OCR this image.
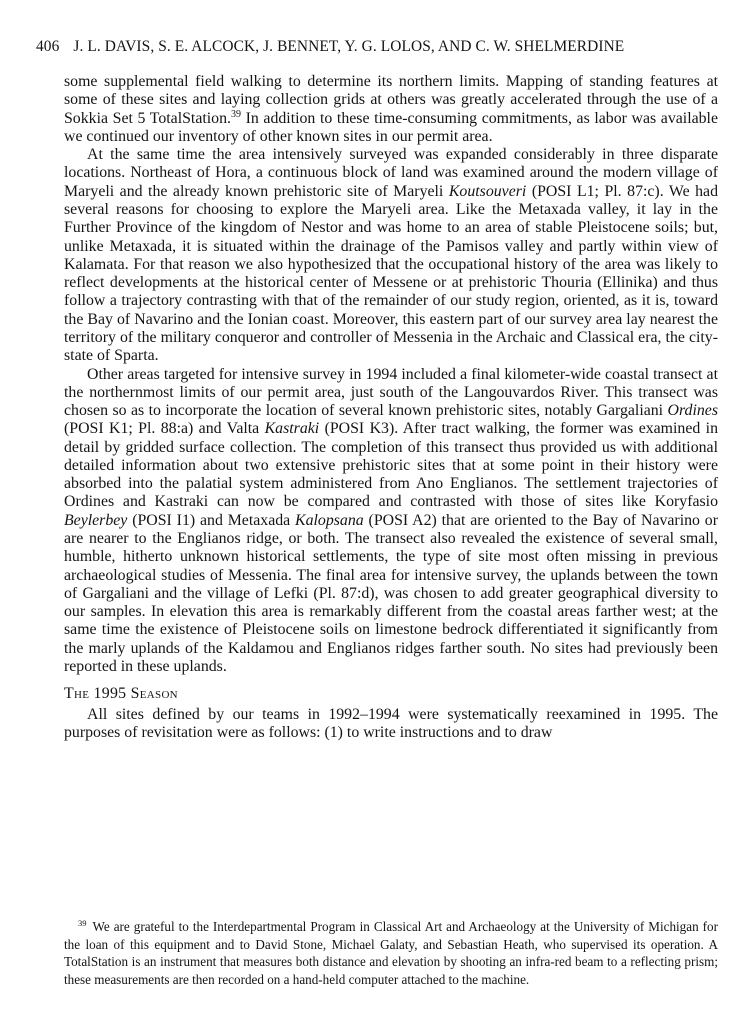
406 J. L. DAVIS, S. E. ALCOCK, J. BENNET, Y. G. LOLOS, AND C. W. SHELMERDINE

some supplemental field walking to determine its northern limits. Mapping of standing features at some of these sites and laying collection grids at others was greatly accelerated through the use of a Sokkia Set 5 TotalStation.$^{39}$ In addition to these time-consuming commitments, as labor was available we continued our inventory of other known sites in our permit area.

At the same time the area intensively surveyed was expanded considerably in three disparate locations. Northeast of Hora, a continuous block of land was examined around the modern village of Maryeli and the already known prehistoric site of Maryeli Koutsouveri (POSI L1; Pl. 87:c). We had several reasons for choosing to explore the Maryeli area. Like the Metaxada valley, it lay in the Further Province of the kingdom of Nestor and was home to an area of stable Pleistocene soils; but, unlike Metaxada, it is situated within the drainage of the Pamisos valley and partly within view of Kalamata. For that reason we also hypothesized that the occupational history of the area was likely to reflect developments at the historical center of Messene or at prehistoric Thouria (Ellinika) and thus follow a trajectory contrasting with that of the remainder of our study region, oriented, as it is, toward the Bay of Navarino and the Ionian coast. Moreover, this eastern part of our survey area lay nearest the territory of the military conqueror and controller of Messenia in the Archaic and Classical era, the city-state of Sparta.

Other areas targeted for intensive survey in 1994 included a final kilometer-wide coastal transect at the northernmost limits of our permit area, just south of the Langouvardos River. This transect was chosen so as to incorporate the location of several known prehistoric sites, notably Gargaliani Ordines (POSI K1; Pl. 88:a) and Valta Kastraki (POSI K3). After tract walking, the former was examined in detail by gridded surface collection. The completion of this transect thus provided us with additional detailed information about two extensive prehistoric sites that at some point in their history were absorbed into the palatial system administered from Ano Englianos. The settlement trajectories of Ordines and Kastraki can now be compared and contrasted with those of sites like Koryfasio Beylerbey (POSI I1) and Metaxada Kalopsana (POSI A2) that are oriented to the Bay of Navarino or are nearer to the Englianos ridge, or both. The transect also revealed the existence of several small, humble, hitherto unknown historical settlements, the type of site most often missing in previous archaeological studies of Messenia. The final area for intensive survey, the uplands between the town of Gargaliani and the village of Lefki (Pl. 87:d), was chosen to add greater geographical diversity to our samples. In elevation this area is remarkably different from the coastal areas farther west; at the same time the existence of Pleistocene soils on limestone bedrock differentiated it significantly from the marly uplands of the Kaldamou and Englianos ridges farther south. No sites had previously been reported in these uplands.

The 1995 Season

All sites defined by our teams in 1992–1994 were systematically reexamined in 1995. The purposes of revisitation were as follows: (1) to write instructions and to draw

$^{39}$ We are grateful to the Interdepartmental Program in Classical Art and Archaeology at the University of Michigan for the loan of this equipment and to David Stone, Michael Galaty, and Sebastian Heath, who supervised its operation. A TotalStation is an instrument that measures both distance and elevation by shooting an infra-red beam to a reflecting prism; these measurements are then recorded on a hand-held computer attached to the machine.
